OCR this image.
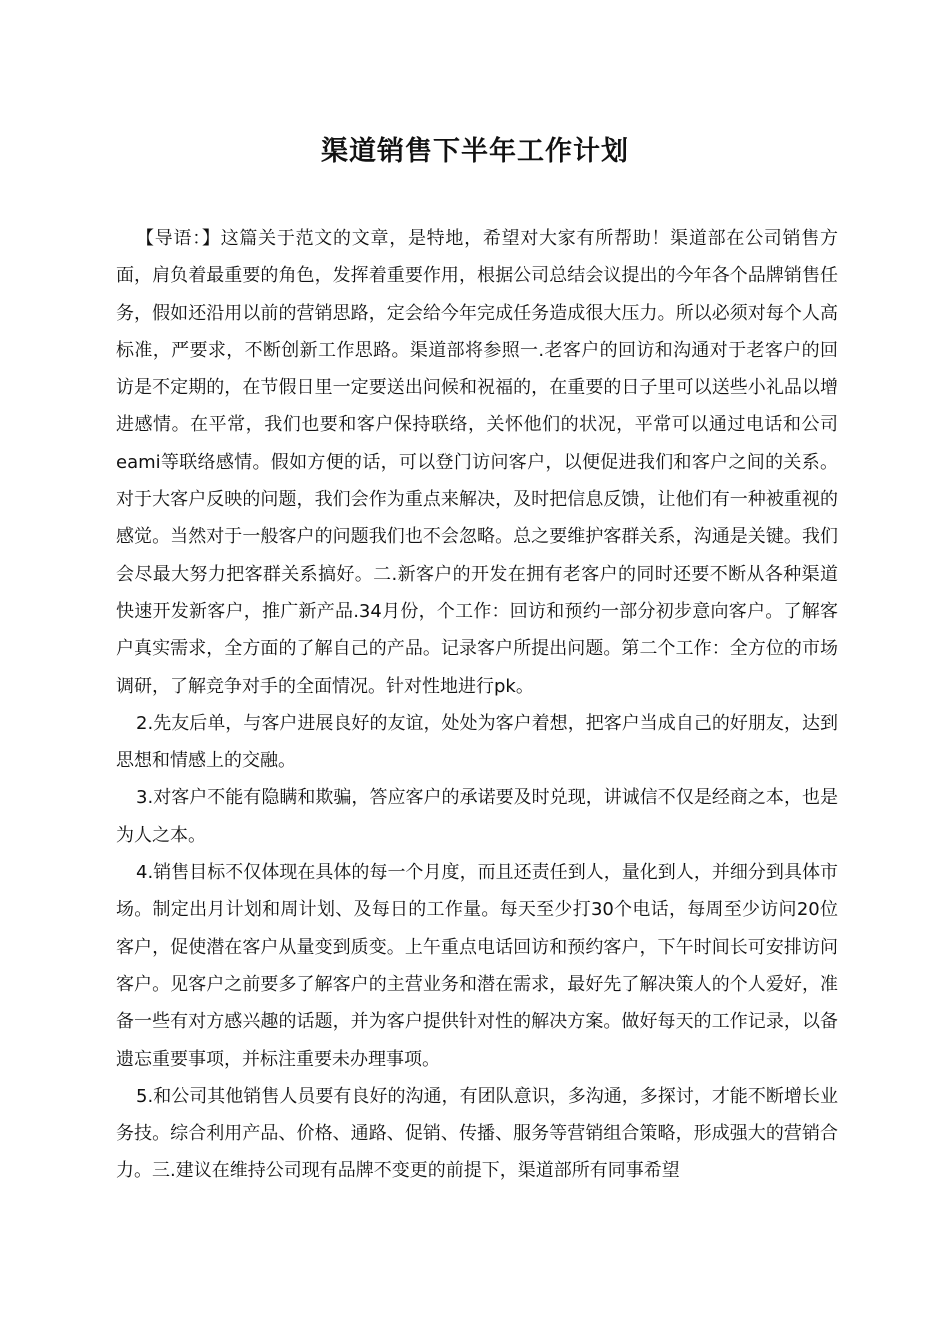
渠道销售下半年工作计划

【导语：】这篇关于范文的文章，是特地，希望对大家有所帮助！渠道部在公司销售方面，肩负着最重要的角色，发挥着重要作用，根据公司总结会议提出的今年各个品牌销售任务，假如还沿用以前的营销思路，定会给今年完成任务造成很大压力。所以必须对每个人高标准，严要求，不断创新工作思路。渠道部将参照一.老客户的回访和沟通对于老客户的回访是不定期的，在节假日里一定要送出问候和祝福的，在重要的日子里可以送些小礼品以增进感情。在平常，我们也要和客户保持联络，关怀他们的状况，平常可以通过电话和公司eami等联络感情。假如方便的话，可以登门访问客户，以便促进我们和客户之间的关系。对于大客户反映的问题，我们会作为重点来解决，及时把信息反馈，让他们有一种被重视的感觉。当然对于一般客户的问题我们也不会忽略。总之要维护客群关系，沟通是关键。我们会尽最大努力把客群关系搞好。二.新客户的开发在拥有老客户的同时还要不断从各种渠道快速开发新客户，推广新产品.34月份，个工作：回访和预约一部分初步意向客户。了解客户真实需求，全方面的了解自己的产品。记录客户所提出问题。第二个工作：全方位的市场调研，了解竞争对手的全面情况。针对性地进行pk。

2.先友后单，与客户进展良好的友谊，处处为客户着想，把客户当成自己的好朋友，达到思想和情感上的交融。

3.对客户不能有隐瞒和欺骗，答应客户的承诺要及时兑现，讲诚信不仅是经商之本，也是为人之本。

4.销售目标不仅体现在具体的每一个月度，而且还责任到人，量化到人，并细分到具体市场。制定出月计划和周计划、及每日的工作量。每天至少打30个电话，每周至少访问20位客户，促使潜在客户从量变到质变。上午重点电话回访和预约客户，下午时间长可安排访问客户。见客户之前要多了解客户的主营业务和潜在需求，最好先了解决策人的个人爱好，准备一些有对方感兴趣的话题，并为客户提供针对性的解决方案。做好每天的工作记录，以备遗忘重要事项，并标注重要未办理事项。

5.和公司其他销售人员要有良好的沟通，有团队意识，多沟通，多探讨，才能不断增长业务技。综合利用产品、价格、通路、促销、传播、服务等营销组合策略，形成强大的营销合力。三.建议在维持公司现有品牌不变更的前提下，渠道部所有同事希望
